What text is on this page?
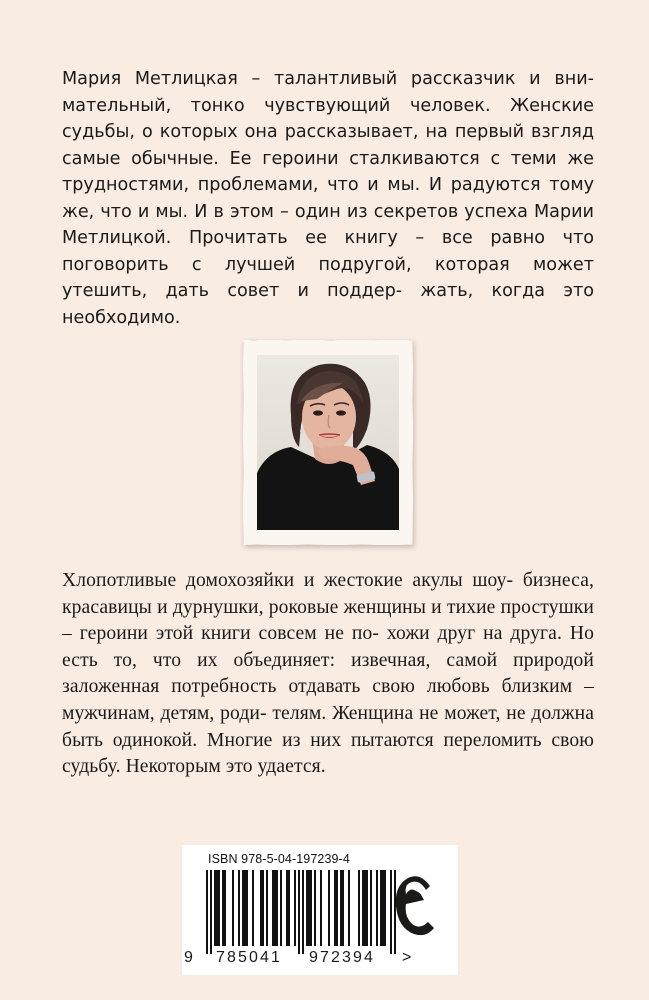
Мария Метлицкая – талантливый рассказчик и вни- мательный, тонко чувствующий человек. Женские судьбы, о которых она рассказывает, на первый взгляд самые обычные. Ее героини сталкиваются с теми же трудностями, проблемами, что и мы. И радуются тому же, что и мы. И в этом – один из секретов успеха Марии Метлицкой. Прочитать ее книгу – все равно что поговорить с лучшей подругой, которая может утешить, дать совет и поддер- жать, когда это необходимо.
Хлопотливые домохозяйки и жестокие акулы шоу- бизнеса, красавицы и дурнушки, роковые женщины и тихие простушки – героини этой книги совсем не по- хожи друг на друга. Но есть то, что их объединяет: извечная, самой природой заложенная потребность отдавать свою любовь близким – мужчинам, детям, роди- телям. Женщина не может, не должна быть одинокой. Многие из них пытаются переломить свою судьбу. Некоторым это удается.
ISBN 978-5-04-197239-4
9 785041 972394 >
